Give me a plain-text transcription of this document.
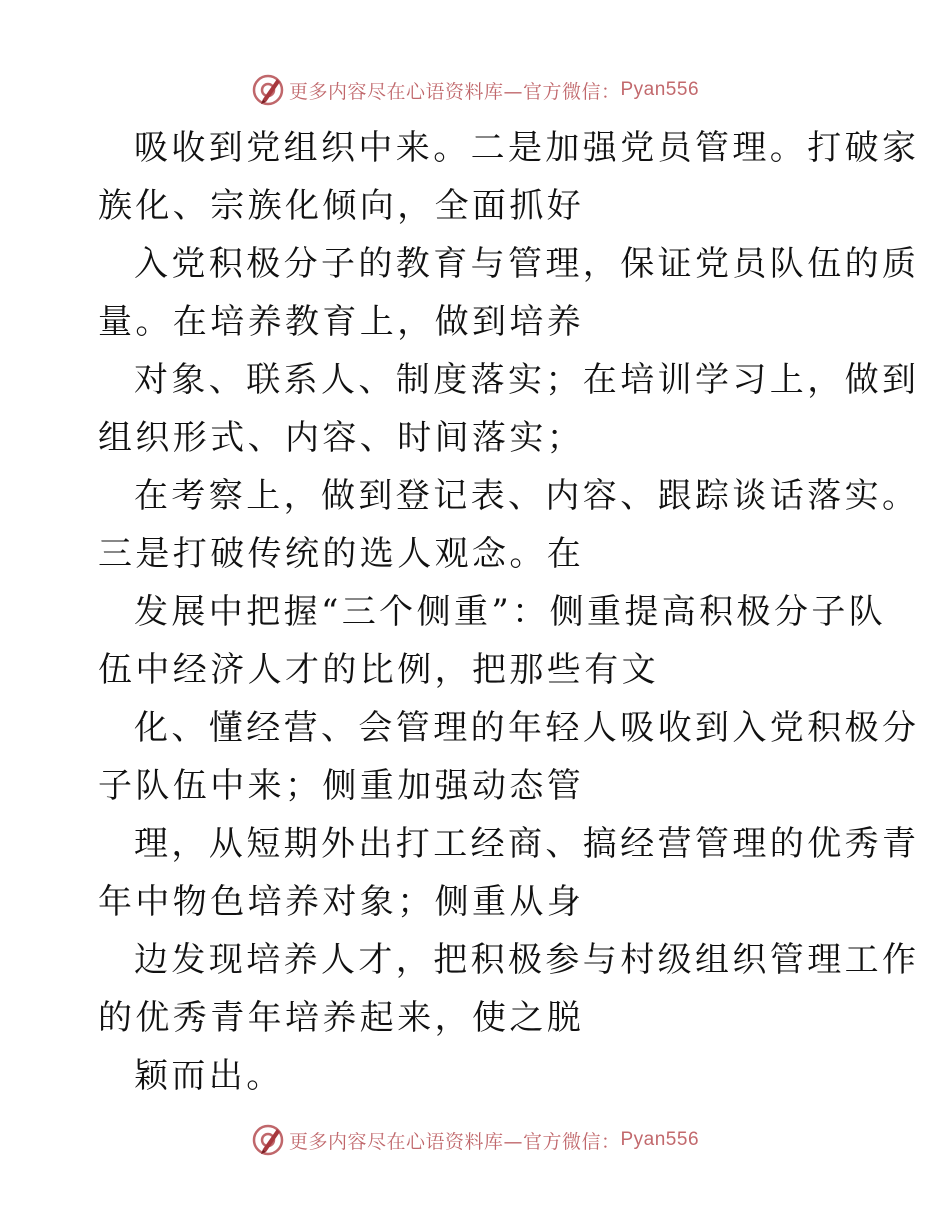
更多内容尽在心语资料库—官方微信： Pyan556
吸收到党组织中来。二是加强党员管理。打破家
族化、宗族化倾向，全面抓好
入党积极分子的教育与管理，保证党员队伍的质
量。在培养教育上，做到培养
对象、联系人、制度落实；在培训学习上，做到
组织形式、内容、时间落实；
在考察上，做到登记表、内容、跟踪谈话落实。
三是打破传统的选人观念。在
发展中把握“三个侧重”：侧重提高积极分子队
伍中经济人才的比例，把那些有文
化、懂经营、会管理的年轻人吸收到入党积极分
子队伍中来；侧重加强动态管
理，从短期外出打工经商、搞经营管理的优秀青
年中物色培养对象；侧重从身
边发现培养人才，把积极参与村级组织管理工作
的优秀青年培养起来，使之脱
颖而出。
更多内容尽在心语资料库—官方微信： Pyan556
